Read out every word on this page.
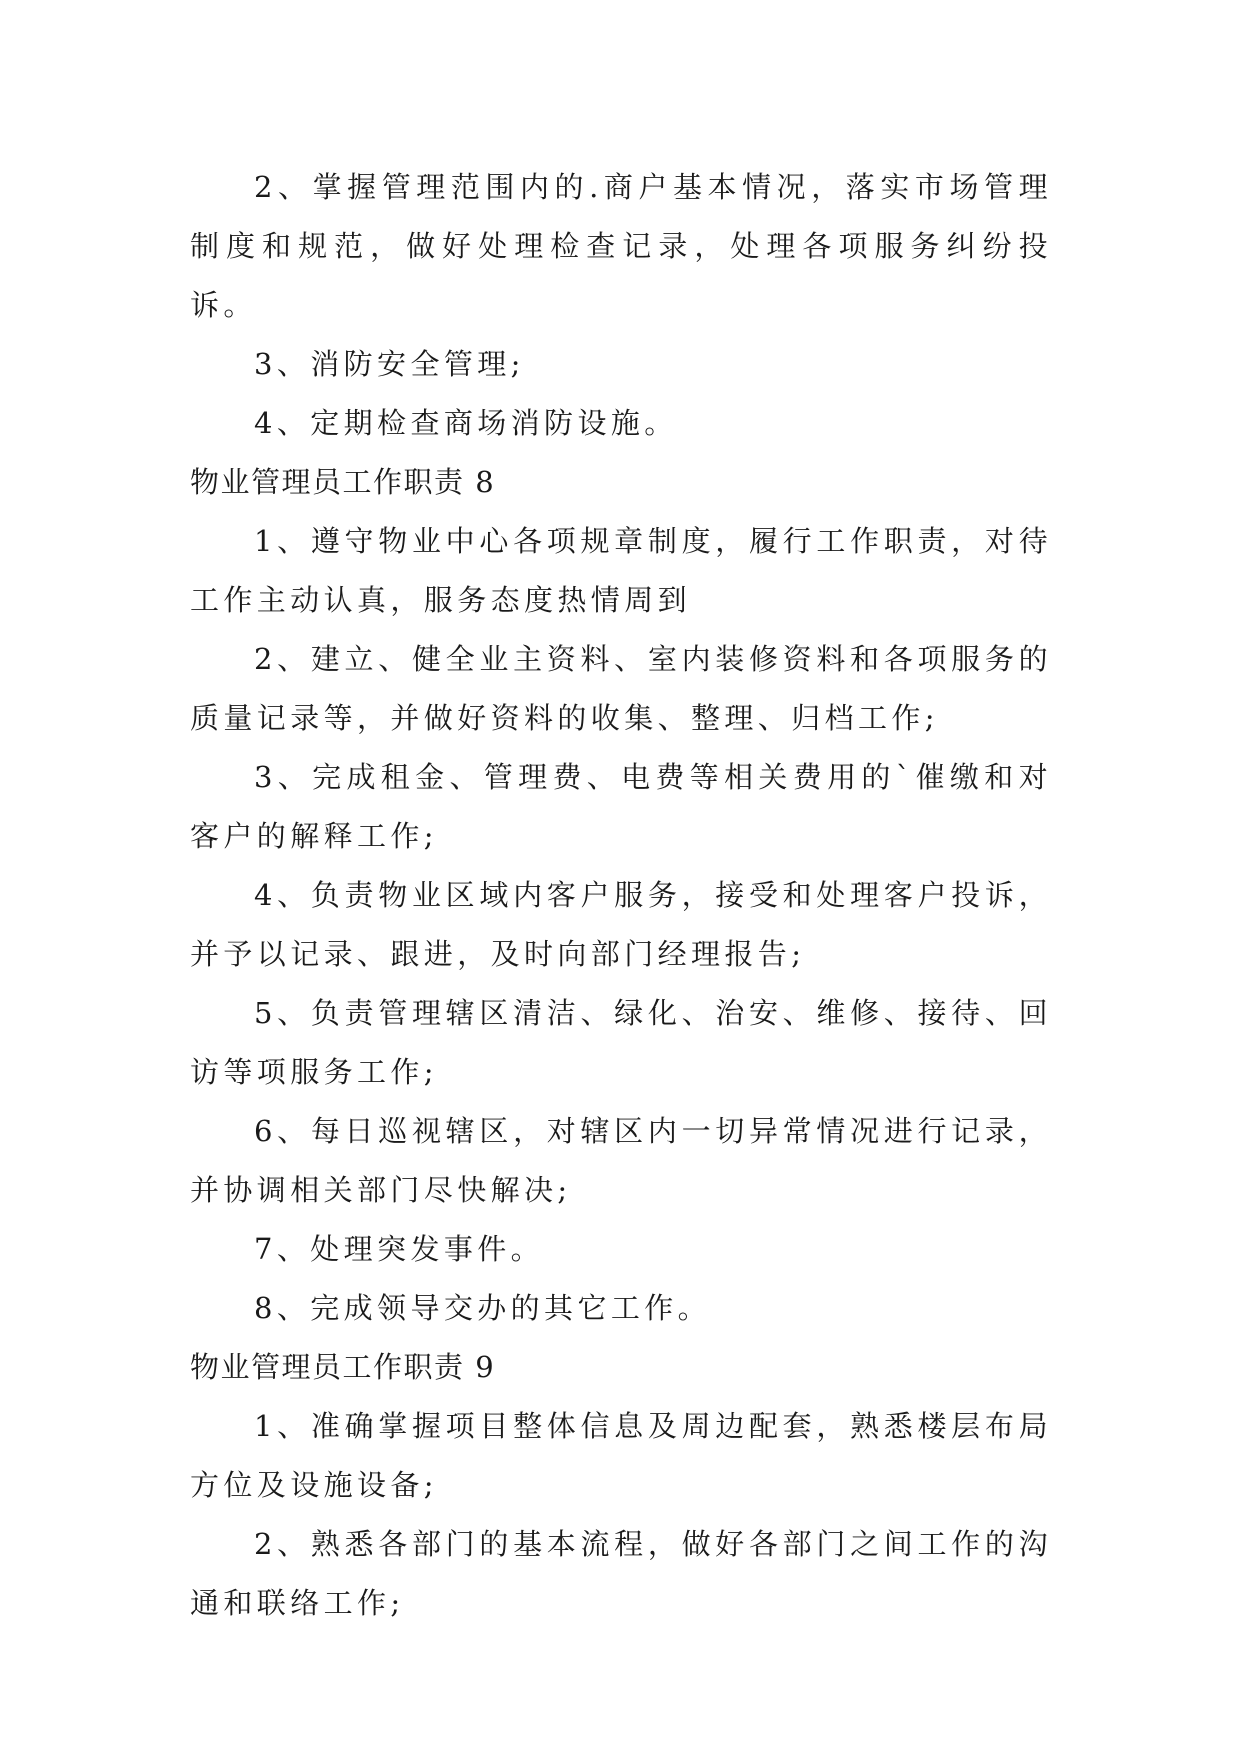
2、掌握管理范围内的.商户基本情况，落实市场管理制度和规范，做好处理检查记录，处理各项服务纠纷投诉。

3、消防安全管理;

4、定期检查商场消防设施。

物业管理员工作职责 8

1、遵守物业中心各项规章制度，履行工作职责，对待工作主动认真，服务态度热情周到

2、建立、健全业主资料、室内装修资料和各项服务的质量记录等，并做好资料的收集、整理、归档工作;

3、完成租金、管理费、电费等相关费用的`催缴和对客户的解释工作;

4、负责物业区域内客户服务，接受和处理客户投诉，并予以记录、跟进，及时向部门经理报告;

5、负责管理辖区清洁、绿化、治安、维修、接待、回访等项服务工作;

6、每日巡视辖区，对辖区内一切异常情况进行记录，并协调相关部门尽快解决;

7、处理突发事件。

8、完成领导交办的其它工作。

物业管理员工作职责 9

1、准确掌握项目整体信息及周边配套，熟悉楼层布局方位及设施设备;

2、熟悉各部门的基本流程，做好各部门之间工作的沟通和联络工作;
